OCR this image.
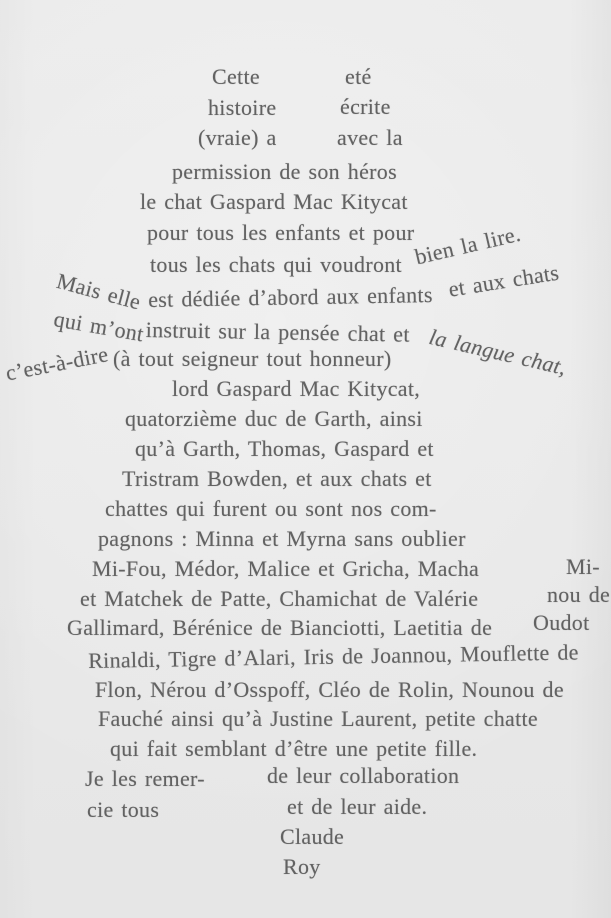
Cette	eté
histoire	écrite
(vraie) a	avec la
permission de son héros
le chat Gaspard Mac Kitycat
pour tous les enfants et pour
tous les chats qui voudront bien la lire.
Mais elle est dédiée d’abord aux enfants et aux chats
qui m’ont instruit sur la pensée chat et la langue chat,
c’est-à-dire (à tout seigneur tout honneur)
lord Gaspard Mac Kitycat,
quatorzième duc de Garth, ainsi
qu’à Garth, Thomas, Gaspard et
Tristram Bowden, et aux chats et
chattes qui furent ou sont nos com-
pagnons : Minna et Myrna sans oublier
Mi-Fou, Médor, Malice et Gricha, Macha	Mi-
et Matchek de Patte, Chamichat de Valérie	nou de
Gallimard, Bérénice de Bianciotti, Laetitia de Oudot
Rinaldi, Tigre d’Alari, Iris de Joannou, Mouflette de
Flon, Nérou d’Osspoff, Cléo de Rolin, Nounou de
Fauché ainsi qu’à Justine Laurent, petite chatte
qui fait semblant d’être une petite fille.
Je les remer-	de leur collaboration
cie tous	et de leur aide.
Claude
Roy
